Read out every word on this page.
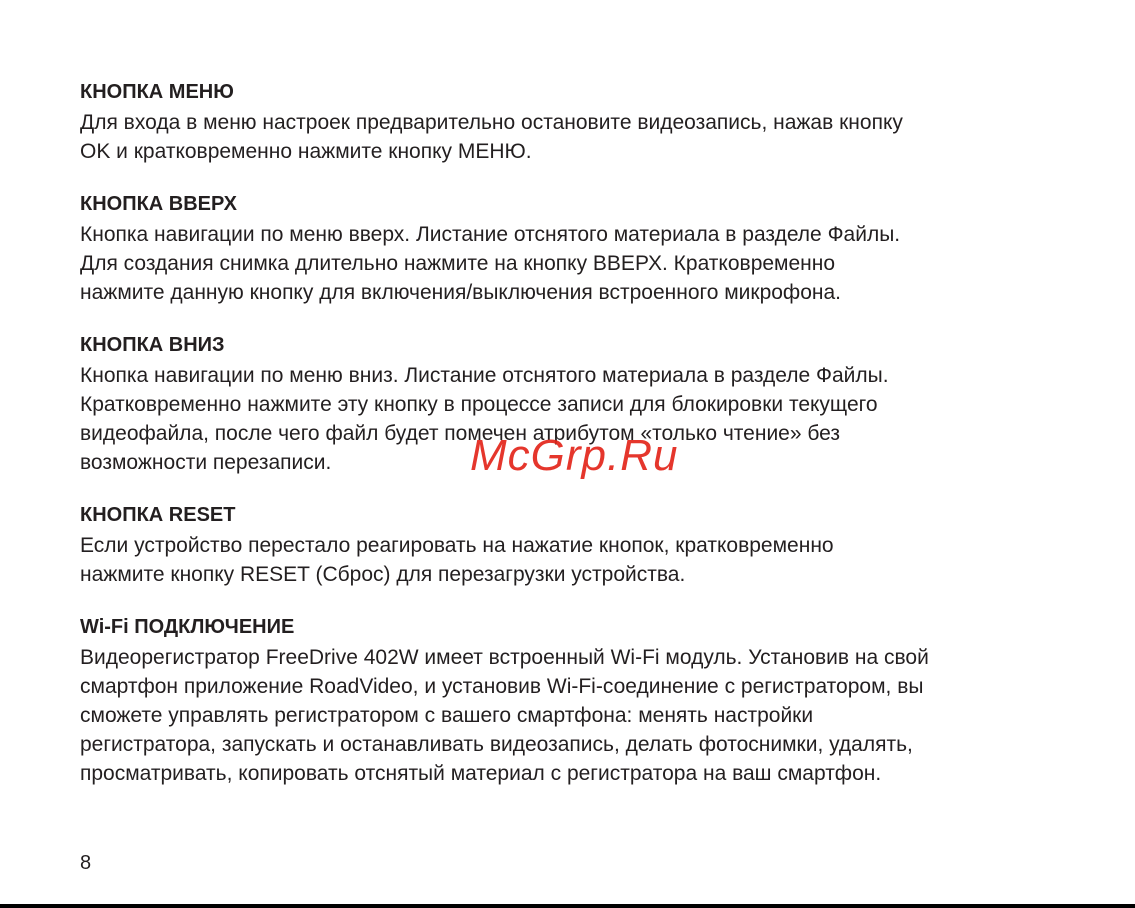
КНОПКА МЕНЮ
Для входа в меню настроек предварительно остановите видеозапись, нажав кнопку
OK и кратковременно нажмите кнопку МЕНЮ.
КНОПКА ВВЕРХ
Кнопка навигации по меню вверх. Листание отснятого материала в разделе Файлы.
Для создания снимка длительно нажмите на кнопку ВВЕРХ. Кратковременно
нажмите данную кнопку для включения/выключения встроенного микрофона.
КНОПКА ВНИЗ
Кнопка навигации по меню вниз. Листание отснятого материала в разделе Файлы.
Кратковременно нажмите эту кнопку в процессе записи для блокировки текущего
видеофайла, после чего файл будет помечен атрибутом «только чтение» без
возможности перезаписи.
КНОПКА RESET
Если устройство перестало реагировать на нажатие кнопок, кратковременно
нажмите кнопку RESET (Сброс) для перезагрузки устройства.
Wi-Fi ПОДКЛЮЧЕНИЕ
Видеорегистратор FreeDrive 402W имеет встроенный Wi-Fi модуль. Установив на свой
смартфон приложение RoadVideo, и установив Wi-Fi-соединение с регистратором, вы
сможете управлять регистратором с вашего смартфона: менять настройки
регистратора, запускать и останавливать видеозапись, делать фотоснимки, удалять,
просматривать, копировать отснятый материал с регистратора на ваш смартфон.
McGrp.Ru
8
